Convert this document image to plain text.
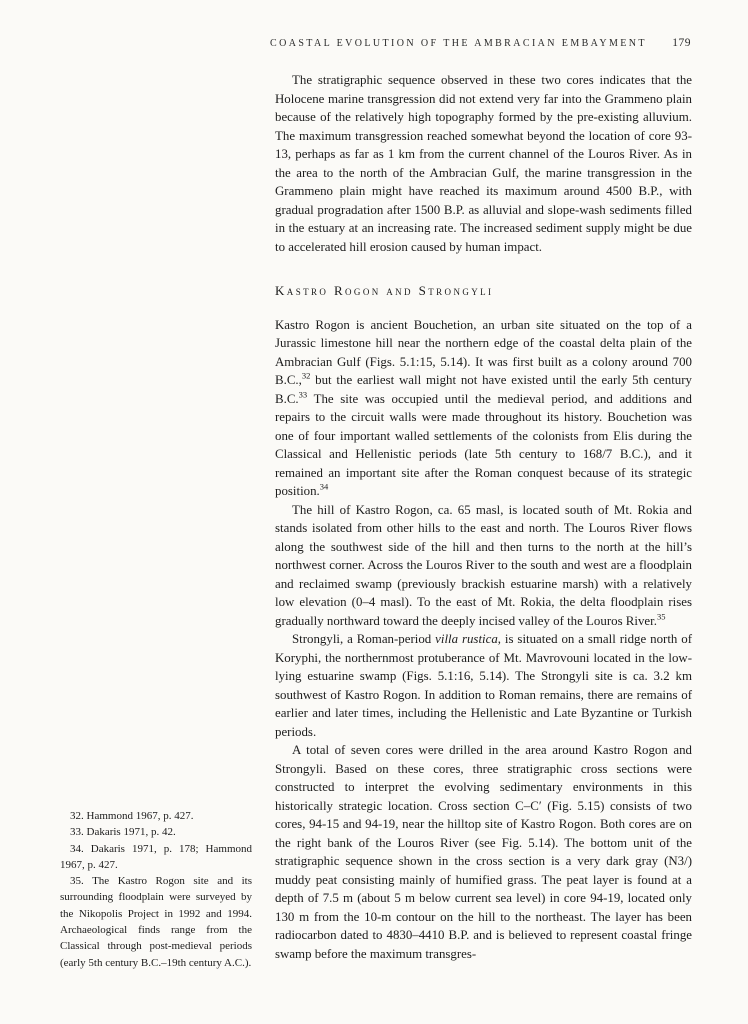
COASTAL EVOLUTION OF THE AMBRACIAN EMBAYMENT 179

The stratigraphic sequence observed in these two cores indicates that the Holocene marine transgression did not extend very far into the Grammeno plain because of the relatively high topography formed by the pre-existing alluvium. The maximum transgression reached somewhat beyond the location of core 93-13, perhaps as far as 1 km from the current channel of the Louros River. As in the area to the north of the Ambracian Gulf, the marine transgression in the Grammeno plain might have reached its maximum around 4500 B.P., with gradual progradation after 1500 B.P. as alluvial and slope-wash sediments filled in the estuary at an increasing rate. The increased sediment supply might be due to accelerated hill erosion caused by human impact.

Kastro Rogon and Strongyli

Kastro Rogon is ancient Bouchetion, an urban site situated on the top of a Jurassic limestone hill near the northern edge of the coastal delta plain of the Ambracian Gulf (Figs. 5.1:15, 5.14). It was first built as a colony around 700 B.C.,$^{32}$ but the earliest wall might not have existed until the early 5th century B.C.$^{33}$ The site was occupied until the medieval period, and additions and repairs to the circuit walls were made throughout its history. Bouchetion was one of four important walled settlements of the colonists from Elis during the Classical and Hellenistic periods (late 5th century to 168/7 B.C.), and it remained an important site after the Roman conquest because of its strategic position.$^{34}$

The hill of Kastro Rogon, ca. 65 masl, is located south of Mt. Rokia and stands isolated from other hills to the east and north. The Louros River flows along the southwest side of the hill and then turns to the north at the hill’s northwest corner. Across the Louros River to the south and west are a floodplain and reclaimed swamp (previously brackish estuarine marsh) with a relatively low elevation (0–4 masl). To the east of Mt. Rokia, the delta floodplain rises gradually northward toward the deeply incised valley of the Louros River.$^{35}$

Strongyli, a Roman-period villa rustica, is situated on a small ridge north of Koryphi, the northernmost protuberance of Mt. Mavrovouni located in the low-lying estuarine swamp (Figs. 5.1:16, 5.14). The Strongyli site is ca. 3.2 km southwest of Kastro Rogon. In addition to Roman remains, there are remains of earlier and later times, including the Hellenistic and Late Byzantine or Turkish periods.

A total of seven cores were drilled in the area around Kastro Rogon and Strongyli. Based on these cores, three stratigraphic cross sections were constructed to interpret the evolving sedimentary environments in this historically strategic location. Cross section C–C′ (Fig. 5.15) consists of two cores, 94-15 and 94-19, near the hilltop site of Kastro Rogon. Both cores are on the right bank of the Louros River (see Fig. 5.14). The bottom unit of the stratigraphic sequence shown in the cross section is a very dark gray (N3/) muddy peat consisting mainly of humified grass. The peat layer is found at a depth of 7.5 m (about 5 m below current sea level) in core 94-19, located only 130 m from the 10-m contour on the hill to the northeast. The layer has been radiocarbon dated to 4830–4410 B.P. and is believed to represent coastal fringe swamp before the maximum transgres-

32. Hammond 1967, p. 427.

33. Dakaris 1971, p. 42.

34. Dakaris 1971, p. 178; Hammond 1967, p. 427.

35. The Kastro Rogon site and its surrounding floodplain were surveyed by the Nikopolis Project in 1992 and 1994. Archaeological finds range from the Classical through post-medieval periods (early 5th century B.C.–19th century A.C.).
